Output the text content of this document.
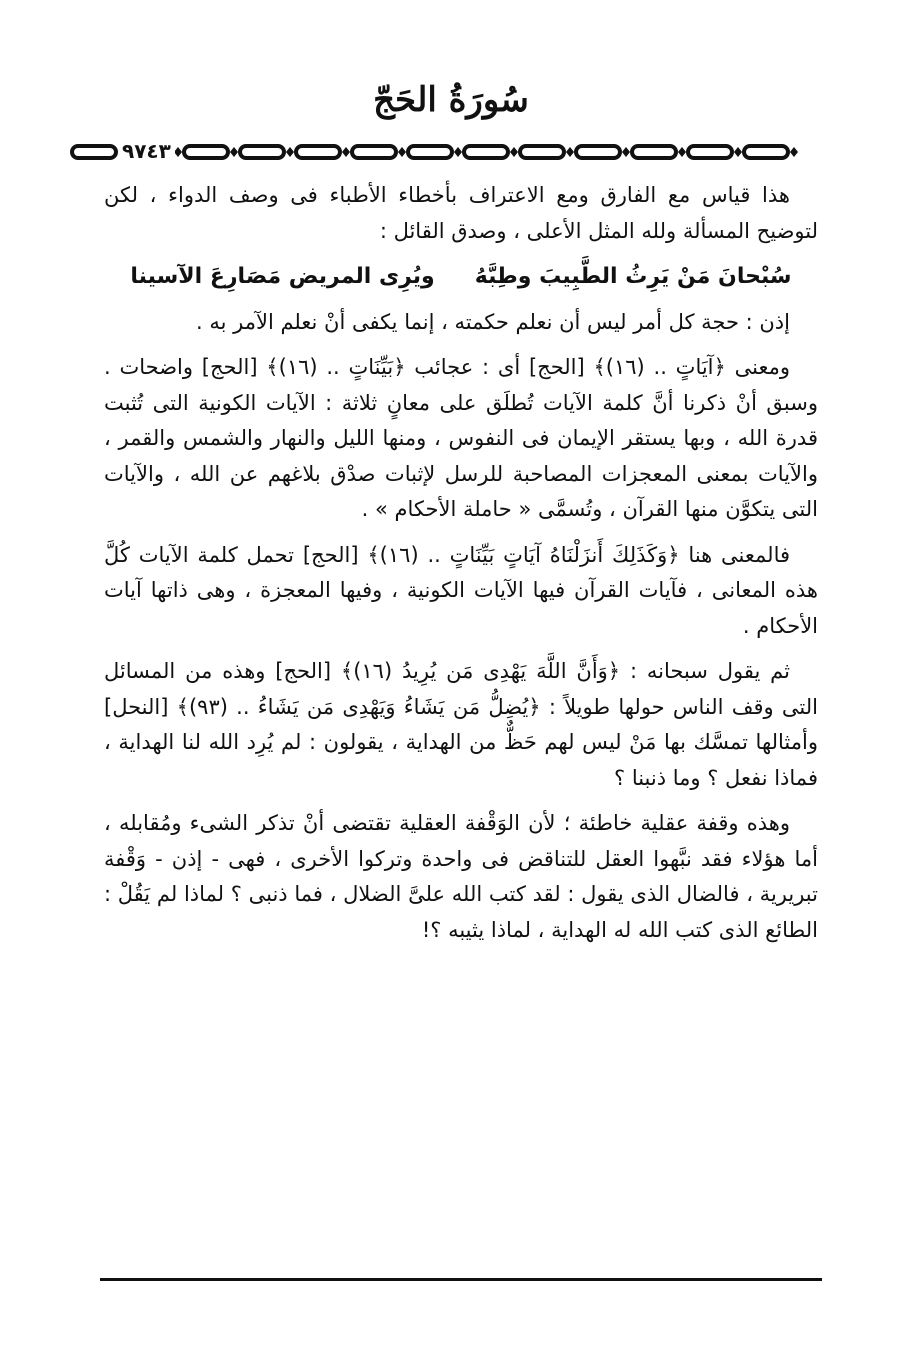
سُورَةُ الحَجّ
٩٧٤٣

هذا قياس مع الفارق ومع الاعتراف بأخطاء الأطباء فى وصف الدواء ، لكن لتوضيح المسألة ولله المثل الأعلى ، وصدق القائل :

سُبْحانَ مَنْ يَرِثُ الطَّبِيبَ وطِبَّهُويُرِى المريض مَصَارِعَ الآسينا

إذن : حجة كل أمر ليس أن نعلم حكمته ، إنما يكفى أنْ نعلم الآمر به .

ومعنى ﴿آيَاتٍ .. (١٦)﴾ [الحج] أى : عجائب ﴿بَيِّنَاتٍ .. (١٦)﴾ [الحج] واضحات . وسبق أنْ ذكرنا أنَّ كلمة الآيات تُطلَق على معانٍ ثلاثة : الآيات الكونية التى تُثبت قدرة الله ، وبها يستقر الإيمان فى النفوس ، ومنها الليل والنهار والشمس والقمر ، والآيات بمعنى المعجزات المصاحبة للرسل لإثبات صدْق بلاغهم عن الله ، والآيات التى يتكوَّن منها القرآن ، وتُسمَّى « حاملة الأحكام » .

فالمعنى هنا ﴿وَكَذَلِكَ أَنزَلْنَاهُ آيَاتٍ بَيِّنَاتٍ .. (١٦)﴾ [الحج] تحمل كلمة الآيات كُلَّ هذه المعانى ، فآيات القرآن فيها الآيات الكونية ، وفيها المعجزة ، وهى ذاتها آيات الأحكام .

ثم يقول سبحانه : ﴿وَأَنَّ اللَّهَ يَهْدِى مَن يُرِيدُ (١٦)﴾ [الحج] وهذه من المسائل التى وقف الناس حولها طويلاً : ﴿يُضِلُّ مَن يَشَاءُ وَيَهْدِى مَن يَشَاءُ .. (٩٣)﴾ [النحل] وأمثالها تمسَّك بها مَنْ ليس لهم حَظٌّ من الهداية ، يقولون : لم يُرِد الله لنا الهداية ، فماذا نفعل ؟ وما ذنبنا ؟

وهذه وقفة عقلية خاطئة ؛ لأن الوَقْفة العقلية تقتضى أنْ تذكر الشىء ومُقابله ، أما هؤلاء فقد نبَّهوا العقل للتناقض فى واحدة وتركوا الأخرى ، فهى - إذن - وَقْفة تبريرية ، فالضال الذى يقول : لقد كتب الله علىَّ الضلال ، فما ذنبى ؟ لماذا لم يَقُلْ : الطائع الذى كتب الله له الهداية ، لماذا يثيبه ؟!
